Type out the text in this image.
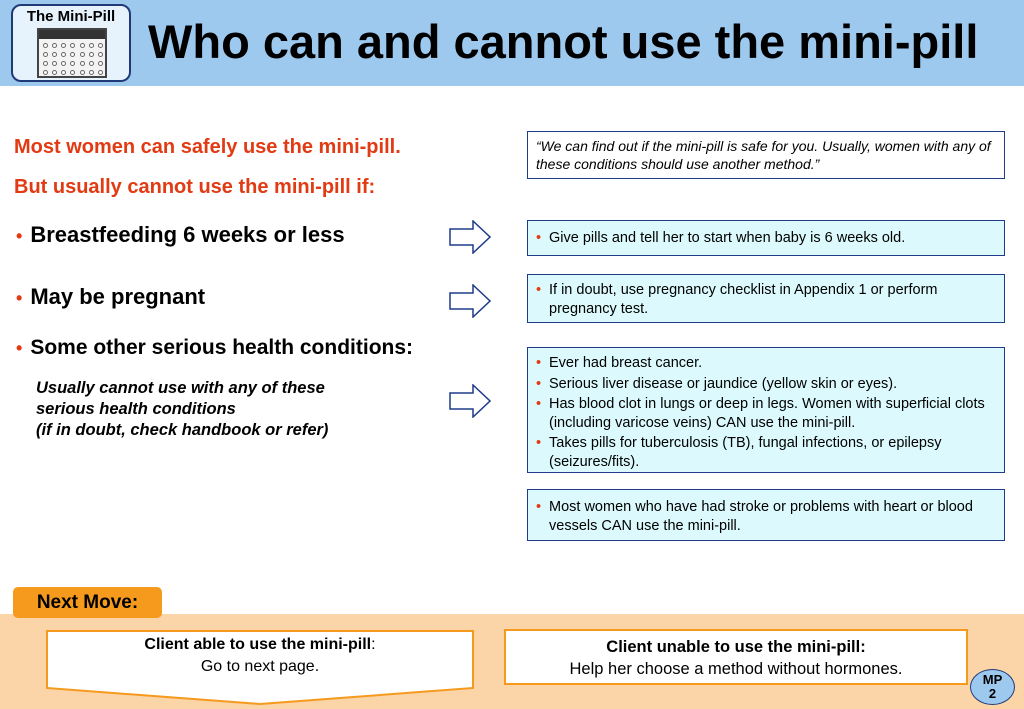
The Mini-Pill Who can and cannot use the mini-pill
Most women can safely use the mini-pill.
But usually cannot use the mini-pill if:
• Breastfeeding 6 weeks or less
• May be pregnant
• Some other serious health conditions:
Usually cannot use with any of these
serious health conditions
(if in doubt, check handbook or refer)
“We can find out if the mini-pill is safe for you. Usually, women with any of these conditions should use another method.”
• Give pills and tell her to start when baby is 6 weeks old.
• If in doubt, use pregnancy checklist in Appendix 1 or perform pregnancy test.
• Ever had breast cancer.
• Serious liver disease or jaundice (yellow skin or eyes).
• Has blood clot in lungs or deep in legs. Women with superficial clots (including varicose veins) CAN use the mini-pill.
• Takes pills for tuberculosis (TB), fungal infections, or epilepsy (seizures/fits).
• Most women who have had stroke or problems with heart or blood vessels CAN use the mini-pill.
Next Move:
Client able to use the mini-pill:
Go to next page.
Client unable to use the mini-pill:
Help her choose a method without hormones.
MP
2
